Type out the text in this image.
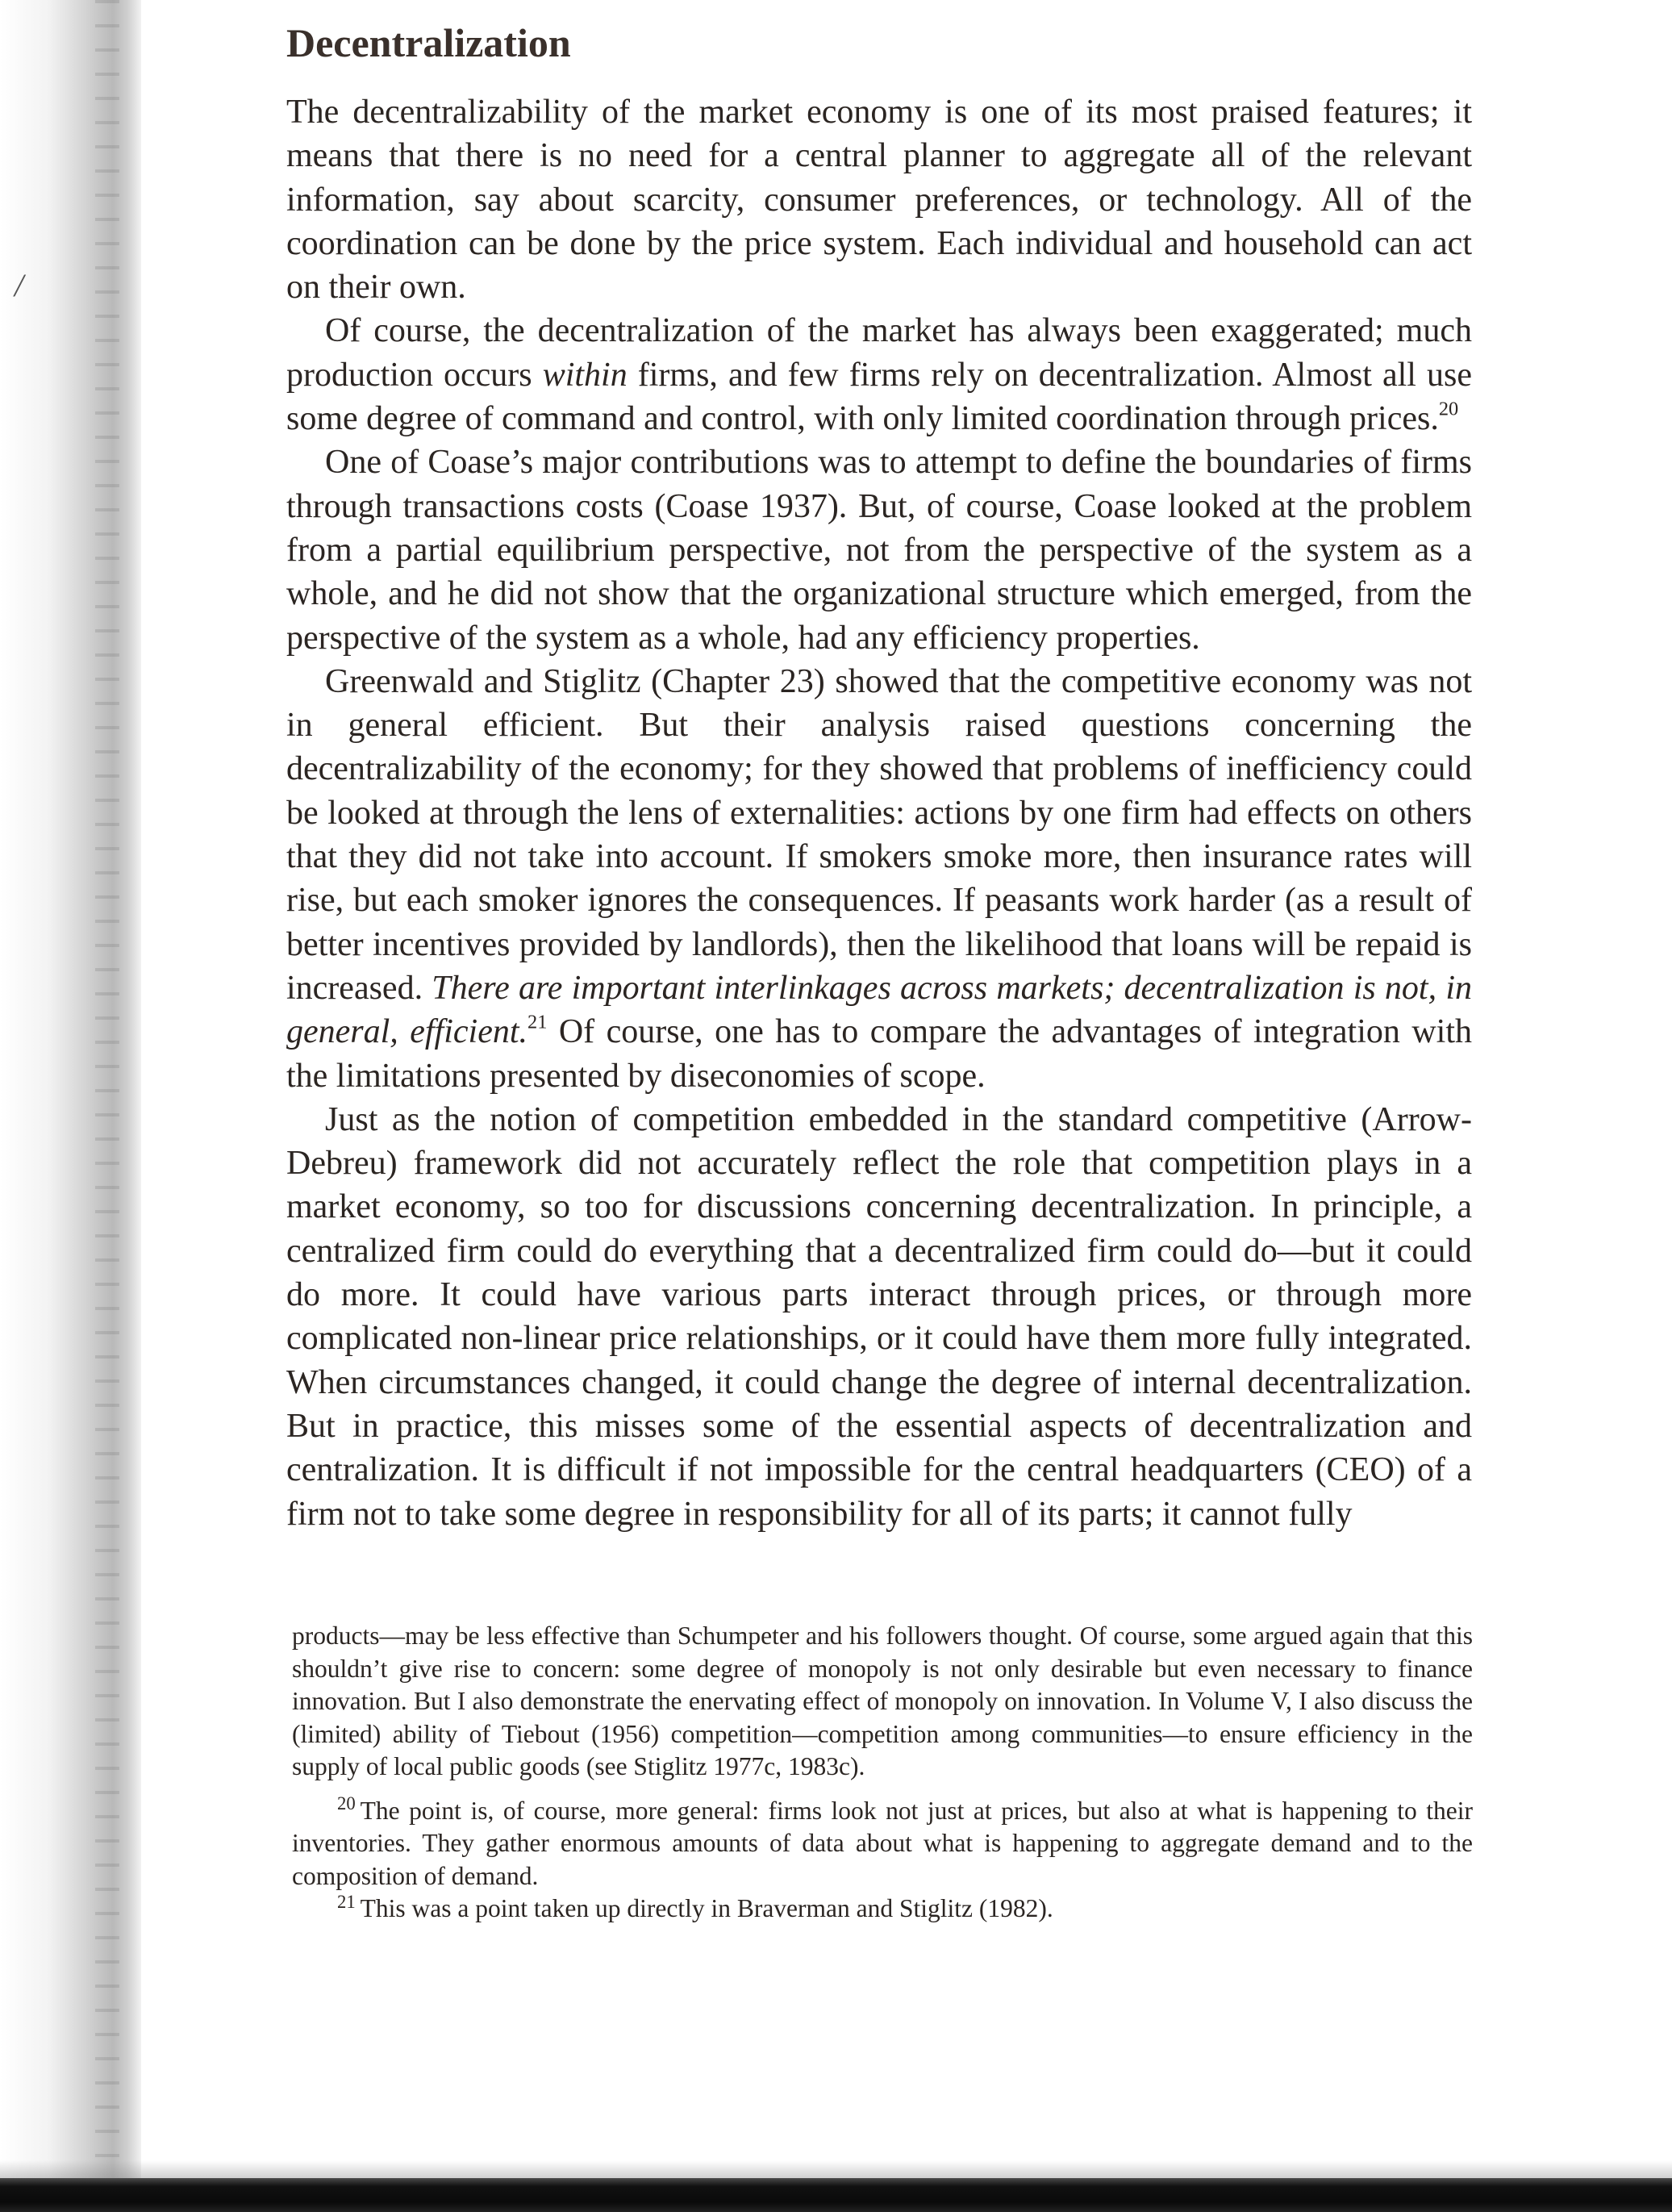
/
Decentralization

The decentralizability of the market economy is one of its most praised features; it means that there is no need for a central planner to aggregate all of the relevant information, say about scarcity, consumer preferences, or technology. All of the coordination can be done by the price system. Each individual and household can act on their own.

Of course, the decentralization of the market has always been exaggerated; much production occurs within firms, and few firms rely on decentralization. Almost all use some degree of command and control, with only limited coordination through prices.$^{20}$

One of Coase’s major contributions was to attempt to define the boundaries of firms through transactions costs (Coase 1937). But, of course, Coase looked at the problem from a partial equilibrium perspective, not from the perspective of the system as a whole, and he did not show that the organizational structure which emerged, from the perspective of the system as a whole, had any efficiency properties.

Greenwald and Stiglitz (Chapter 23) showed that the competitive economy was not in general efficient. But their analysis raised questions concerning the decentralizability of the economy; for they showed that problems of inefficiency could be looked at through the lens of externalities: actions by one firm had effects on others that they did not take into account. If smokers smoke more, then insurance rates will rise, but each smoker ignores the consequences. If peasants work harder (as a result of better incentives provided by landlords), then the likelihood that loans will be repaid is increased. There are important interlinkages across markets; decentralization is not, in general, efficient.$^{21}$ Of course, one has to compare the advantages of integration with the limitations presented by diseconomies of scope.

Just as the notion of competition embedded in the standard competitive (Arrow-Debreu) framework did not accurately reflect the role that competition plays in a market economy, so too for discussions concerning decentralization. In principle, a centralized firm could do everything that a decentralized firm could do—but it could do more. It could have various parts interact through prices, or through more complicated non-linear price relationships, or it could have them more fully integrated. When circumstances changed, it could change the degree of internal decentralization. But in practice, this misses some of the essential aspects of decentralization and centralization. It is difficult if not impossible for the central headquarters (CEO) of a firm not to take some degree in responsibility for all of its parts; it cannot fully

products—may be less effective than Schumpeter and his followers thought. Of course, some argued again that this shouldn’t give rise to concern: some degree of monopoly is not only desirable but even necessary to finance innovation. But I also demonstrate the enervating effect of monopoly on innovation. In Volume V, I also discuss the (limited) ability of Tiebout (1956) competition—competition among communities—to ensure efficiency in the supply of local public goods (see Stiglitz 1977c, 1983c).

$^{20}$ The point is, of course, more general: firms look not just at prices, but also at what is happening to their inventories. They gather enormous amounts of data about what is happening to aggregate demand and to the composition of demand.

$^{21}$ This was a point taken up directly in Braverman and Stiglitz (1982).
